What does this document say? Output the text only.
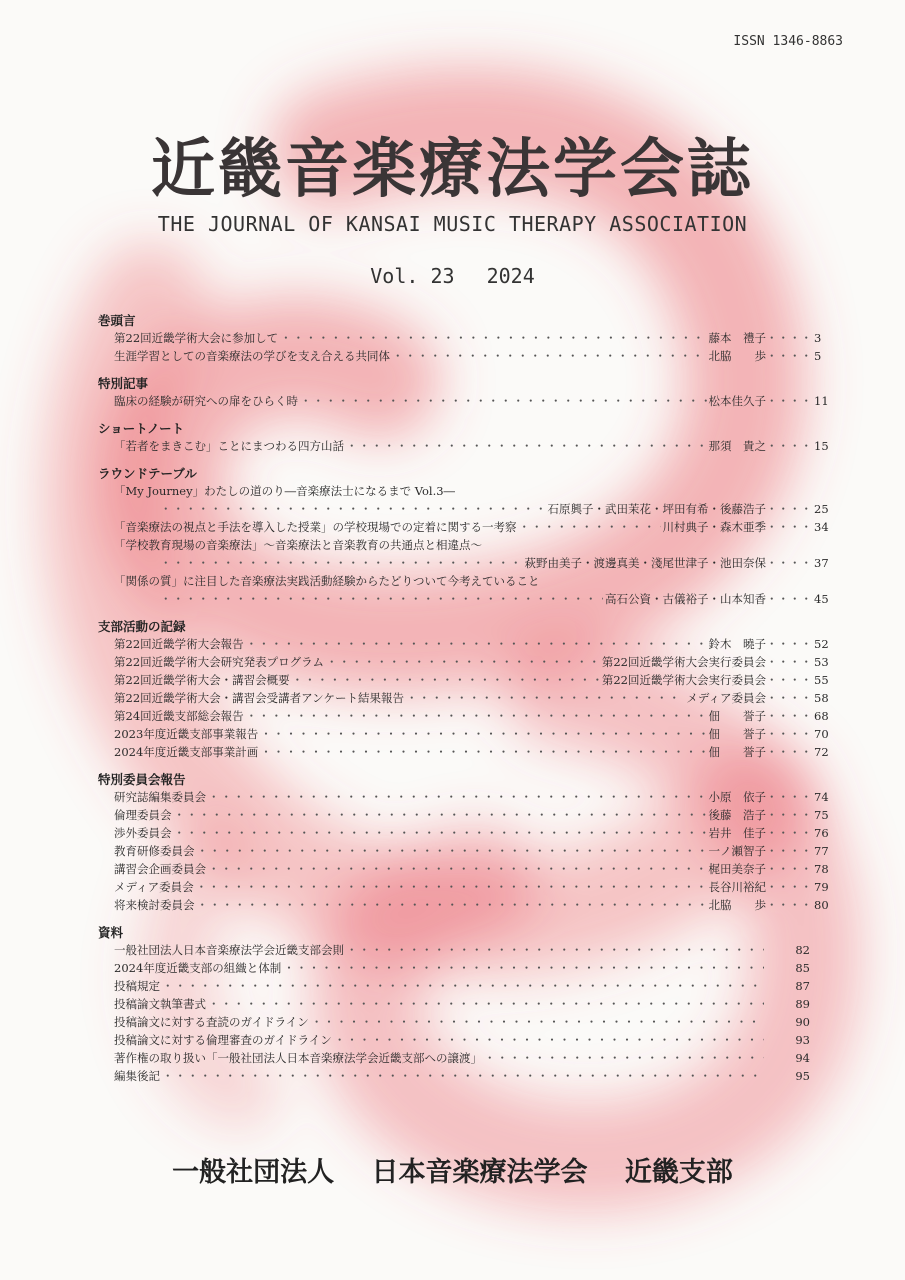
ISSN 1346-8863
近畿音楽療法学会誌
THE JOURNAL OF KANSAI MUSIC THERAPY ASSOCIATION
Vol. 23 2024
巻頭言
第22回近畿学術大会に参加して ・・・・・・・・・・・・・・・・・・・・・・・・・・・・・・・・・・・・・・・・・・・・・・・・・・・・・・・・・・・・・・・・・・・・・・・・・・・・・	藤本　禮子	・・・・ 3
生涯学習としての音楽療法の学びを支え合える共同体 ・・・・・・・・・・・・・・・・・・・・・・・・・・・・・・・・・・・・・・・・・・・・・・・・・・・・・・・・・・・・・・・・・・・・・・・・・・・・・	北脇　　歩	・・・・ 5
特別記事
臨床の経験が研究への扉をひらく時 ・・・・・・・・・・・・・・・・・・・・・・・・・・・・・・・・・・・・・・・・・・・・・・・・・・・・・・・・・・・・・・・・・・・・・・・・・・・・・	松本佳久子	・・・・ 11
ショートノート
「若者をまきこむ」ことにまつわる四方山話 ・・・・・・・・・・・・・・・・・・・・・・・・・・・・・・・・・・・・・・・・・・・・・・・・・・・・・・・・・・・・・・・・・・・・・・・・・・・・・	那須　貴之	・・・・ 15
ラウンドテーブル
「My Journey」わたしの道のり―音楽療法士になるまで Vol.3―
・・・・・・・・・・・・・・・・・・・・・・・・・・・・・・・・・・・・・・・・・・・・・・・・・・・・・・・・・・・・・・・・・・・・・・・・・・・・・
石原興子・武田茉花・坪田有希・後藤浩子	・・・・ 25
「音楽療法の視点と手法を導入した授業」の学校現場での定着に関する一考察 ・・・・・・・・・・・・・・・・・・・・・・・・・・・・・・・・・・・・・・・・・・・・・・・・・・・・・・・・・・・・・・・・・・・・・・・・・・・・・	川村典子・森木亜季	・・・・ 34
「学校教育現場の音楽療法」～音楽療法と音楽教育の共通点と相違点～
・・・・・・・・・・・・・・・・・・・・・・・・・・・・・・・・・・・・・・・・・・・・・・・・・・・・・・・・・・・・・・・・・・・・・・・・・・・・・
萩野由美子・渡邊真美・淺尾世津子・池田奈保	・・・・ 37
「関係の質」に注目した音楽療法実践活動経験からたどりついて今考えていること
・・・・・・・・・・・・・・・・・・・・・・・・・・・・・・・・・・・・・・・・・・・・・・・・・・・・・・・・・・・・・・・・・・・・・・・・・・・・・
高石公資・古儀裕子・山本知香	・・・・ 45
支部活動の記録
第22回近畿学術大会報告 ・・・・・・・・・・・・・・・・・・・・・・・・・・・・・・・・・・・・・・・・・・・・・・・・・・・・・・・・・・・・・・・・・・・・・・・・・・・・・	鈴木　曉子	・・・・ 52
第22回近畿学術大会研究発表プログラム ・・・・・・・・・・・・・・・・・・・・・・・・・・・・・・・・・・・・・・・・・・・・・・・・・・・・・・・・・・・・・・・・・・・・・・・・・・・・・	第22回近畿学術大会実行委員会	・・・・ 53
第22回近畿学術大会・講習会概要 ・・・・・・・・・・・・・・・・・・・・・・・・・・・・・・・・・・・・・・・・・・・・・・・・・・・・・・・・・・・・・・・・・・・・・・・・・・・・・	第22回近畿学術大会実行委員会	・・・・ 55
第22回近畿学術大会・講習会受講者アンケート結果報告 ・・・・・・・・・・・・・・・・・・・・・・・・・・・・・・・・・・・・・・・・・・・・・・・・・・・・・・・・・・・・・・・・・・・・・・・・・・・・・	メディア委員会	・・・・ 58
第24回近畿支部総会報告 ・・・・・・・・・・・・・・・・・・・・・・・・・・・・・・・・・・・・・・・・・・・・・・・・・・・・・・・・・・・・・・・・・・・・・・・・・・・・・	佃　　誉子	・・・・ 68
2023年度近畿支部事業報告 ・・・・・・・・・・・・・・・・・・・・・・・・・・・・・・・・・・・・・・・・・・・・・・・・・・・・・・・・・・・・・・・・・・・・・・・・・・・・・	佃　　誉子	・・・・ 70
2024年度近畿支部事業計画 ・・・・・・・・・・・・・・・・・・・・・・・・・・・・・・・・・・・・・・・・・・・・・・・・・・・・・・・・・・・・・・・・・・・・・・・・・・・・・	佃　　誉子	・・・・ 72
特別委員会報告
研究誌編集委員会 ・・・・・・・・・・・・・・・・・・・・・・・・・・・・・・・・・・・・・・・・・・・・・・・・・・・・・・・・・・・・・・・・・・・・・・・・・・・・・	小原　依子	・・・・ 74
倫理委員会 ・・・・・・・・・・・・・・・・・・・・・・・・・・・・・・・・・・・・・・・・・・・・・・・・・・・・・・・・・・・・・・・・・・・・・・・・・・・・・	後藤　浩子	・・・・ 75
渉外委員会 ・・・・・・・・・・・・・・・・・・・・・・・・・・・・・・・・・・・・・・・・・・・・・・・・・・・・・・・・・・・・・・・・・・・・・・・・・・・・・	岩井　佳子	・・・・ 76
教育研修委員会 ・・・・・・・・・・・・・・・・・・・・・・・・・・・・・・・・・・・・・・・・・・・・・・・・・・・・・・・・・・・・・・・・・・・・・・・・・・・・・	一ノ瀬智子	・・・・ 77
講習会企画委員会 ・・・・・・・・・・・・・・・・・・・・・・・・・・・・・・・・・・・・・・・・・・・・・・・・・・・・・・・・・・・・・・・・・・・・・・・・・・・・・	梶田美奈子	・・・・ 78
メディア委員会 ・・・・・・・・・・・・・・・・・・・・・・・・・・・・・・・・・・・・・・・・・・・・・・・・・・・・・・・・・・・・・・・・・・・・・・・・・・・・・	長谷川裕紀	・・・・ 79
将来検討委員会 ・・・・・・・・・・・・・・・・・・・・・・・・・・・・・・・・・・・・・・・・・・・・・・・・・・・・・・・・・・・・・・・・・・・・・・・・・・・・・	北脇　　歩	・・・・ 80
資料
一般社団法人日本音楽療法学会近畿支部会則 ・・・・・・・・・・・・・・・・・・・・・・・・・・・・・・・・・・・・・・・・・・・・・・・・・・・・・・・・・・・・・・・・・・・・・・・・・・・・・	82
2024年度近畿支部の組織と体制 ・・・・・・・・・・・・・・・・・・・・・・・・・・・・・・・・・・・・・・・・・・・・・・・・・・・・・・・・・・・・・・・・・・・・・・・・・・・・・	85
投稿規定 ・・・・・・・・・・・・・・・・・・・・・・・・・・・・・・・・・・・・・・・・・・・・・・・・・・・・・・・・・・・・・・・・・・・・・・・・・・・・・	87
投稿論文執筆書式 ・・・・・・・・・・・・・・・・・・・・・・・・・・・・・・・・・・・・・・・・・・・・・・・・・・・・・・・・・・・・・・・・・・・・・・・・・・・・・	89
投稿論文に対する査読のガイドライン ・・・・・・・・・・・・・・・・・・・・・・・・・・・・・・・・・・・・・・・・・・・・・・・・・・・・・・・・・・・・・・・・・・・・・・・・・・・・・	90
投稿論文に対する倫理審査のガイドライン ・・・・・・・・・・・・・・・・・・・・・・・・・・・・・・・・・・・・・・・・・・・・・・・・・・・・・・・・・・・・・・・・・・・・・・・・・・・・・	93
著作権の取り扱い「一般社団法人日本音楽療法学会近畿支部への譲渡」 ・・・・・・・・・・・・・・・・・・・・・・・・・・・・・・・・・・・・・・・・・・・・・・・・・・・・・・・・・・・・・・・・・・・・・・・・・・・・・	94
編集後記 ・・・・・・・・・・・・・・・・・・・・・・・・・・・・・・・・・・・・・・・・・・・・・・・・・・・・・・・・・・・・・・・・・・・・・・・・・・・・・	95
一般社団法人 日本音楽療法学会 近畿支部
